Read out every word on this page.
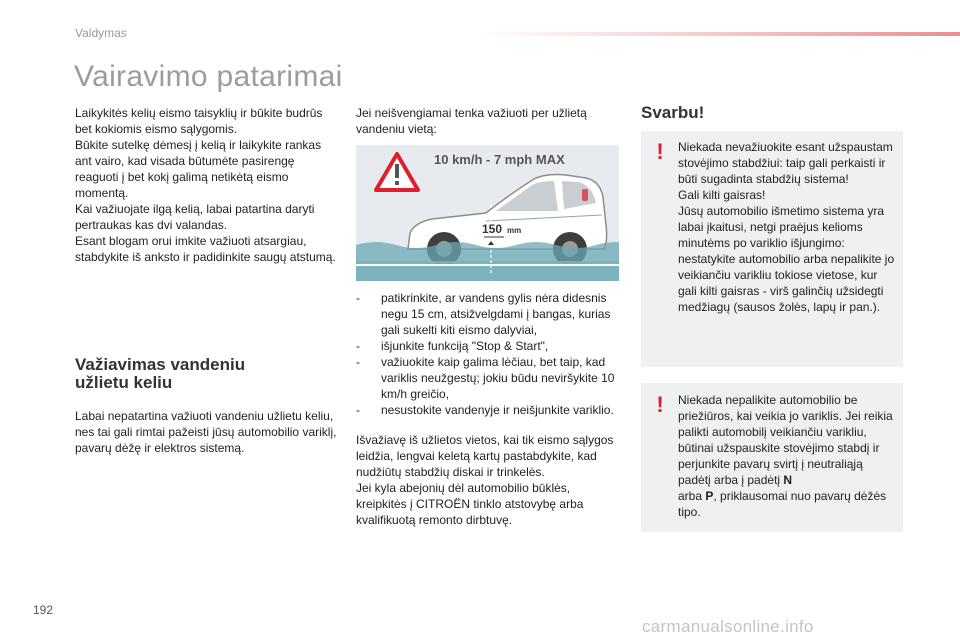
Valdymas
Vairavimo patarimai

Laikykitės kelių eismo taisyklių ir būkite budrūs bet kokiomis eismo sąlygomis.

Būkite sutelkę dėmesį į kelią ir laikykite rankas ant vairo, kad visada būtumėte pasirengę reaguoti į bet kokį galimą netikėtą eismo momentą.

Kai važiuojate ilgą kelią, labai patartina daryti pertraukas kas dvi valandas.

Esant blogam orui imkite važiuoti atsargiau, stabdykite iš anksto ir padidinkite saugų atstumą.

Važiavimas vandeniu
užlietu keliu

Labai nepatartina važiuoti vandeniu užlietu keliu, nes tai gali rimtai pažeisti jūsų automobilio variklį, pavarų dėžę ir elektros sistemą.

Jei neišvengiamai tenka važiuoti per užlietą vandeniu vietą:

10 km/h - 7 mph MAX
150 mm
- patikrinkite, ar vandens gylis nėra didesnis negu 15 cm, atsižvelgdami į bangas, kurias gali sukelti kiti eismo dalyviai,
- išjunkite funkciją "Stop & Start",
- važiuokite kaip galima lėčiau, bet taip, kad variklis neužgestų; jokiu būdu neviršykite 10 km/h greičio,
- nesustokite vandenyje ir neišjunkite variklio.

Išvažiavę iš užlietos vietos, kai tik eismo sąlygos leidžia, lengvai keletą kartų pastabdykite, kad nudžiūtų stabdžių diskai ir trinkelės.

Jei kyla abejonių dėl automobilio būklės, kreipkitės į CITROËN tinklo atstovybę arba kvalifikuotą remonto dirbtuvę.

Svarbu!
! Niekada nevažiuokite esant užspaustam stovėjimo stabdžiui: taip gali perkaisti ir būti sugadinta stabdžių sistema!
Gali kilti gaisras!
Jūsų automobilio išmetimo sistema yra labai įkaitusi, netgi praėjus kelioms minutėms po variklio išjungimo: nestatykite automobilio arba nepalikite jo veikiančiu varikliu tokiose vietose, kur gali kilti gaisras - virš galinčių užsidegti medžiagų (sausos žolės, lapų ir pan.).
! Niekada nepalikite automobilio be priežiūros, kai veikia jo variklis. Jei reikia palikti automobilį veikiančiu varikliu, būtinai užspauskite stovėjimo stabdį ir perjunkite pavarų svirtį į neutraliąją padėtį arba į padėtį N
arba P, priklausomai nuo pavarų dėžės tipo.

192
carmanualsonline.info
